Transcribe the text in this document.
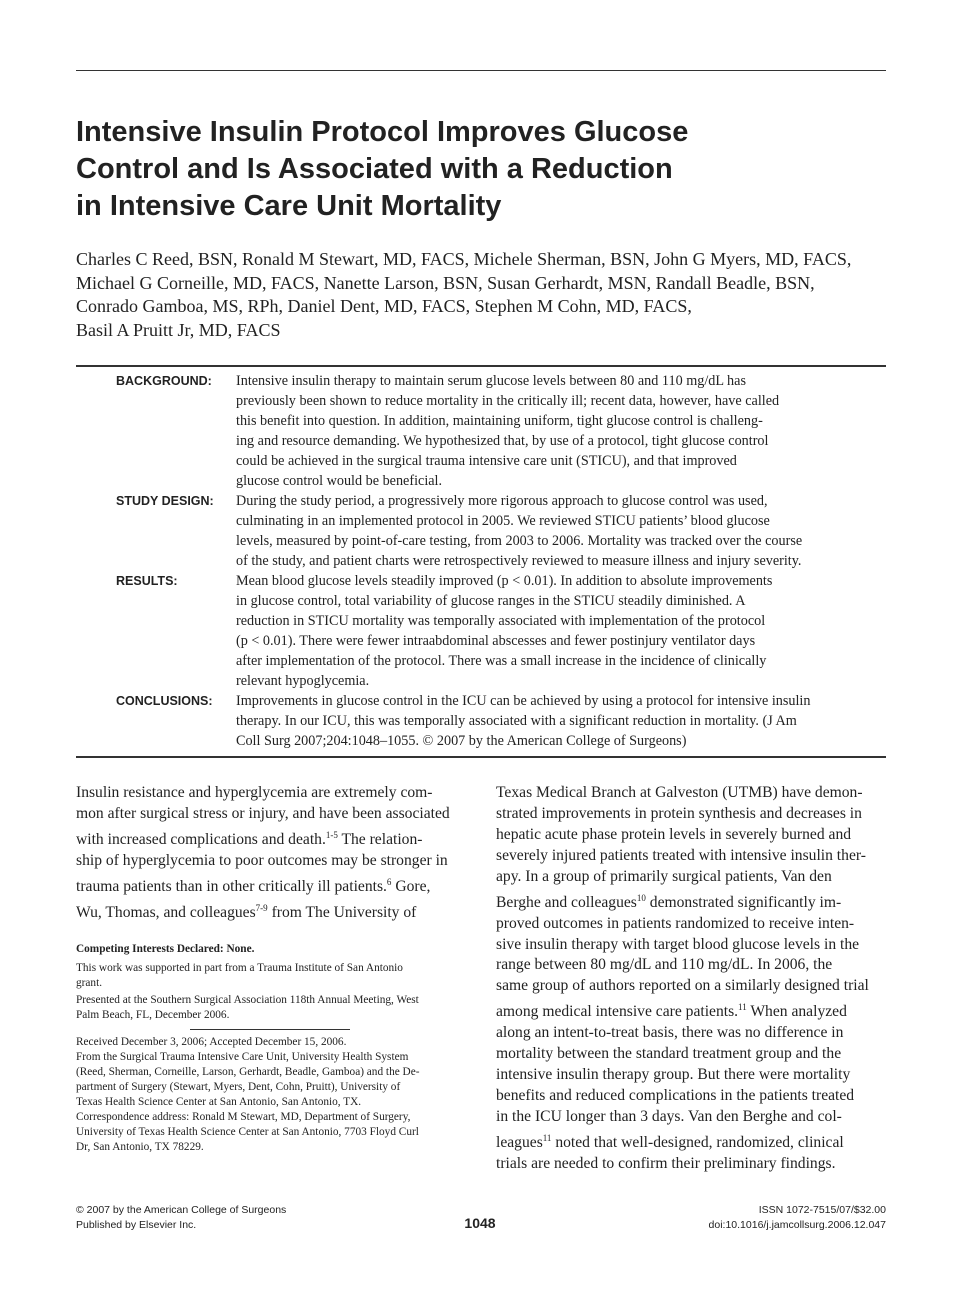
Intensive Insulin Protocol Improves Glucose
Control and Is Associated with a Reduction
in Intensive Care Unit Mortality
Charles C Reed, BSN, Ronald M Stewart, MD, FACS, Michele Sherman, BSN, John G Myers, MD, FACS,
Michael G Corneille, MD, FACS, Nanette Larson, BSN, Susan Gerhardt, MSN, Randall Beadle, BSN,
Conrado Gamboa, MS, RPh, Daniel Dent, MD, FACS, Stephen M Cohn, MD, FACS,
Basil A Pruitt Jr, MD, FACS
BACKGROUND: Intensive insulin therapy to maintain serum glucose levels between 80 and 110 mg/dL has
previously been shown to reduce mortality in the critically ill; recent data, however, have called
this benefit into question. In addition, maintaining uniform, tight glucose control is challeng-
ing and resource demanding. We hypothesized that, by use of a protocol, tight glucose control
could be achieved in the surgical trauma intensive care unit (STICU), and that improved
glucose control would be beneficial.
STUDY DESIGN: During the study period, a progressively more rigorous approach to glucose control was used,
culminating in an implemented protocol in 2005. We reviewed STICU patients’ blood glucose
levels, measured by point-of-care testing, from 2003 to 2006. Mortality was tracked over the course
of the study, and patient charts were retrospectively reviewed to measure illness and injury severity.
RESULTS:	Mean blood glucose levels steadily improved (p < 0.01). In addition to absolute improvements
in glucose control, total variability of glucose ranges in the STICU steadily diminished. A
reduction in STICU mortality was temporally associated with implementation of the protocol
(p < 0.01). There were fewer intraabdominal abscesses and fewer postinjury ventilator days
after implementation of the protocol. There was a small increase in the incidence of clinically
relevant hypoglycemia.
CONCLUSIONS: Improvements in glucose control in the ICU can be achieved by using a protocol for intensive insulin
therapy. In our ICU, this was temporally associated with a significant reduction in mortality. (J Am
Coll Surg 2007;204:1048–1055. © 2007 by the American College of Surgeons)
Insulin resistance and hyperglycemia are extremely com-
mon after surgical stress or injury, and have been associated
with increased complications and death.$^{1-5}$ The relation-
ship of hyperglycemia to poor outcomes may be stronger in
trauma patients than in other critically ill patients.$^6$ Gore,
Wu, Thomas, and colleagues$^{7-9}$ from The University of
Texas Medical Branch at Galveston (UTMB) have demon-
strated improvements in protein synthesis and decreases in
hepatic acute phase protein levels in severely burned and
severely injured patients treated with intensive insulin ther-
apy. In a group of primarily surgical patients, Van den
Berghe and colleagues$^{10}$ demonstrated significantly im-
proved outcomes in patients randomized to receive inten-
sive insulin therapy with target blood glucose levels in the
range between 80 mg/dL and 110 mg/dL. In 2006, the
same group of authors reported on a similarly designed trial
among medical intensive care patients.$^{11}$ When analyzed
along an intent-to-treat basis, there was no difference in
mortality between the standard treatment group and the
intensive insulin therapy group. But there were mortality
benefits and reduced complications in the patients treated
in the ICU longer than 3 days. Van den Berghe and col-
leagues$^{11}$ noted that well-designed, randomized, clinical
trials are needed to confirm their preliminary findings.
Competing Interests Declared: None.
This work was supported in part from a Trauma Institute of San Antonio
grant.
Presented at the Southern Surgical Association 118th Annual Meeting, West
Palm Beach, FL, December 2006.
Received December 3, 2006; Accepted December 15, 2006.
From the Surgical Trauma Intensive Care Unit, University Health System
(Reed, Sherman, Corneille, Larson, Gerhardt, Beadle, Gamboa) and the De-
partment of Surgery (Stewart, Myers, Dent, Cohn, Pruitt), University of
Texas Health Science Center at San Antonio, San Antonio, TX.
Correspondence address: Ronald M Stewart, MD, Department of Surgery,
University of Texas Health Science Center at San Antonio, 7703 Floyd Curl
Dr, San Antonio, TX 78229.
© 2007 by the American College of Surgeons
Published by Elsevier Inc.	1048
ISSN 1072-7515/07/$32.00
doi:10.1016/j.jamcollsurg.2006.12.047
